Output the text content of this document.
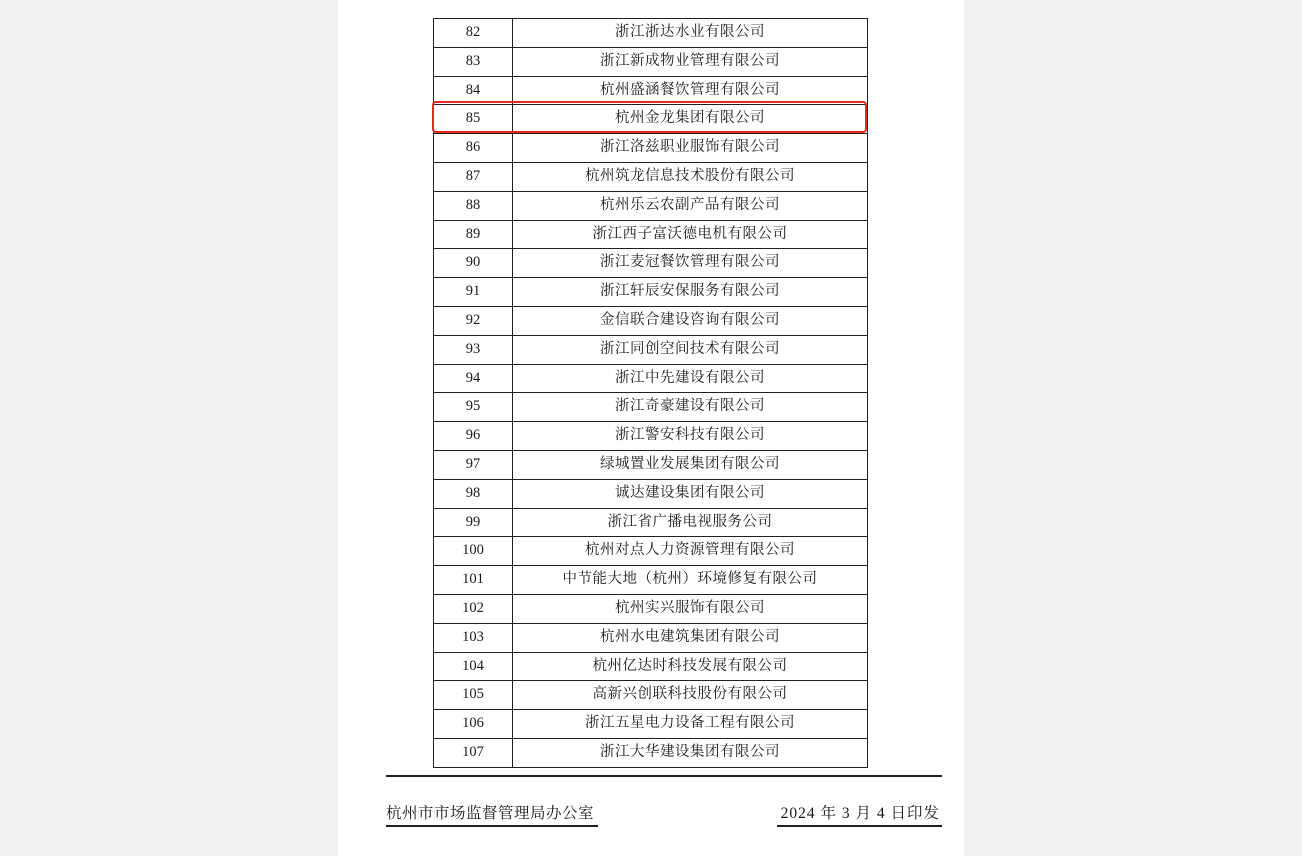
82	浙江浙达水业有限公司
83	浙江新成物业管理有限公司
84	杭州盛涵餐饮管理有限公司
85	杭州金龙集团有限公司
86	浙江洛兹职业服饰有限公司
87	杭州筑龙信息技术股份有限公司
88	杭州乐云农副产品有限公司
89	浙江西子富沃德电机有限公司
90	浙江麦冠餐饮管理有限公司
91	浙江轩辰安保服务有限公司
92	金信联合建设咨询有限公司
93	浙江同创空间技术有限公司
94	浙江中先建设有限公司
95	浙江奇豪建设有限公司
96	浙江警安科技有限公司
97	绿城置业发展集团有限公司
98	诚达建设集团有限公司
99	浙江省广播电视服务公司
100	杭州对点人力资源管理有限公司
101	中节能大地（杭州）环境修复有限公司
102	杭州实兴服饰有限公司
103	杭州水电建筑集团有限公司
104	杭州亿达时科技发展有限公司
105	高新兴创联科技股份有限公司
106	浙江五星电力设备工程有限公司
107	浙江大华建设集团有限公司
杭州市市场监督管理局办公室	2024 年 3 月 4 日印发
